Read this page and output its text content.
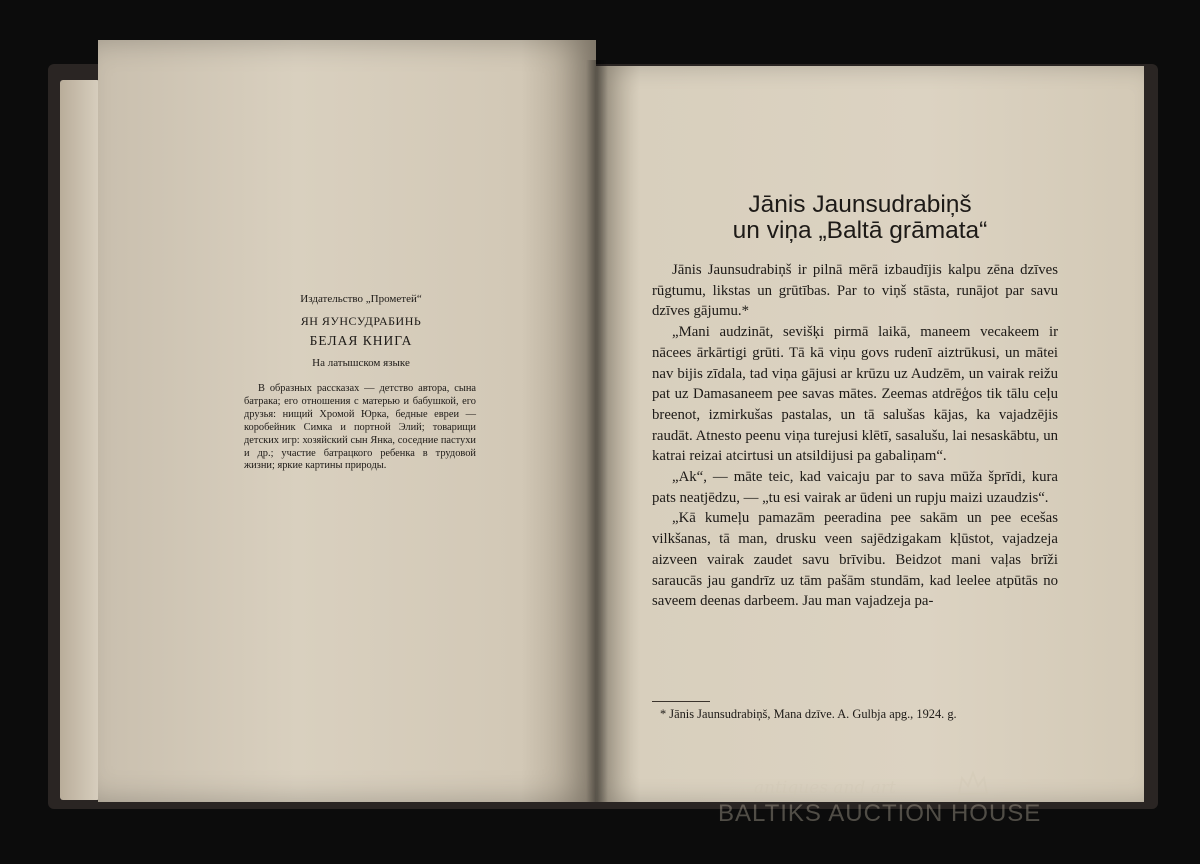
Издательство „Прометей“
ЯН ЯУНСУДРАБИНЬ
БЕЛАЯ КНИГА
На латышском языке
В образных рассказах — детство автора, сына батрака; его отношения с матерью и бабушкой, его друзья: нищий Хромой Юрка, бедные евреи — коробейник Симка и портной Элий; товарищи детских игр: хозяйский сын Янка, соседние пастухи и др.; участие батрацкого ребенка в трудовой жизни; яркие картины природы.
Jānis Jaunsudrabiņš
un viņa „Baltā grāmata“

Jānis Jaunsudrabiņš ir pilnā mērā izbaudījis kalpu zēna dzīves rūgtumu, likstas un grūtības. Par to viņš stāsta, runājot par savu dzīves gājumu.*

„Mani audzināt, sevišķi pirmā laikā, maneem vecakeem ir nācees ārkārtigi grūti. Tā kā viņu govs rudenī aiztrūkusi, un mātei nav bijis zīdala, tad viņa gājusi ar krūzu uz Audzēm, un vairak reižu pat uz Damasaneem pee savas mātes. Zeemas atdrēģos tik tālu ceļu breenot, izmirkušas pastalas, un tā salušas kājas, ka vajadzējis raudāt. Atnesto peenu viņa turejusi klētī, sasalušu, lai nesaskābtu, un katrai reizai atcirtusi un atsildijusi pa gabaliņam“.

„Ak“, — māte teic, kad vaicaju par to sava mūža šprīdi, kura pats neatjēdzu, — „tu esi vairak ar ūdeni un rupju maizi uzaudzis“.

„Kā kumeļu pamazām peeradina pee sakām un pee ecešas vilkšanas, tā man, drusku veen sajēdzigakam kļūstot, vajadzeja aizveen vairak zaudet savu brīvibu. Beidzot mani vaļas brīži saraucās jau gandrīz uz tām pašām stundām, kad leelee atpūtās no saveem deenas darbeem. Jau man vajadzeja pa-

* Jānis Jaunsudrabiņš, Mana dzīve. A. Gulbja apg., 1924. g.
antiques and art
BALTIKS AUCTION HOUSE
